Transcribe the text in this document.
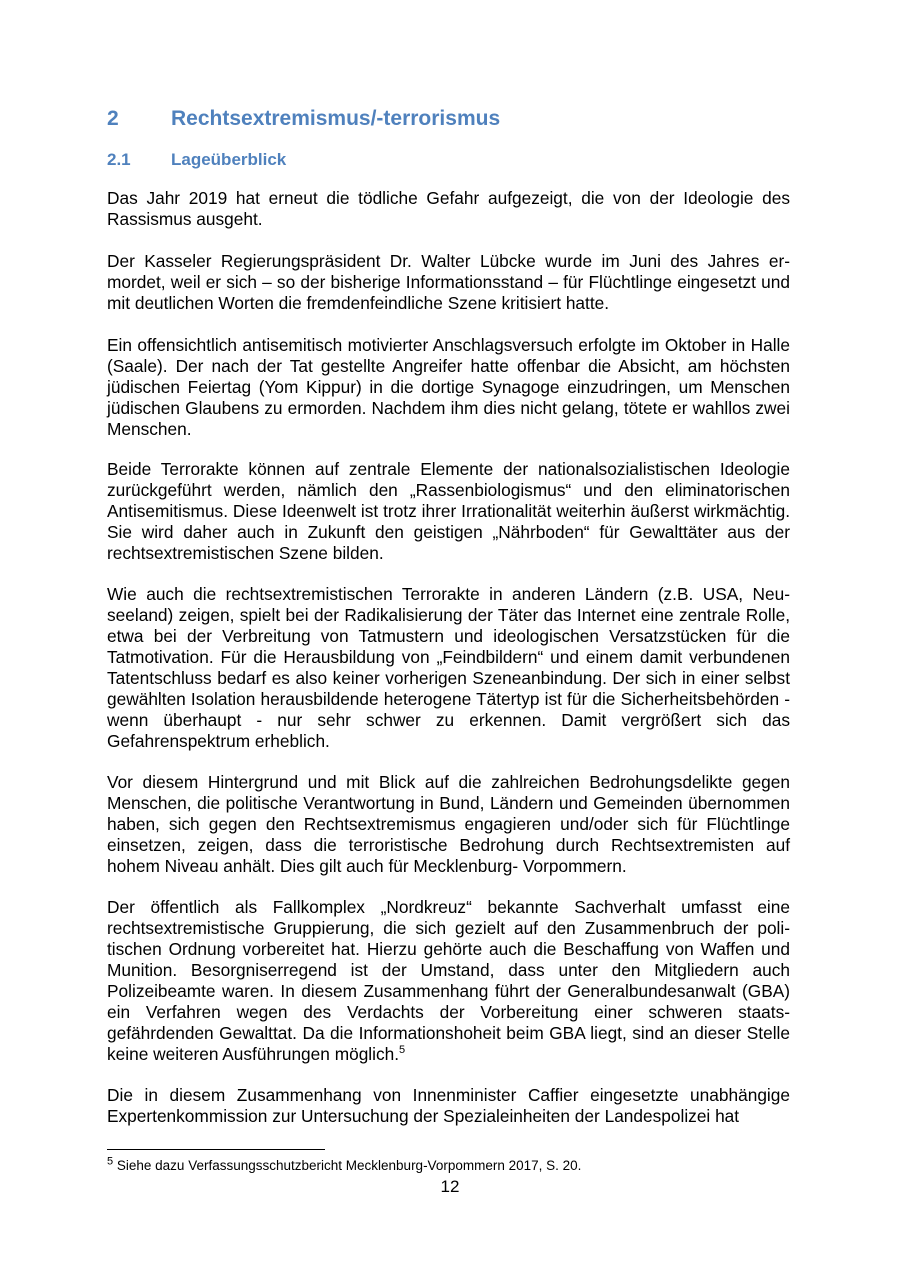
2 Rechtsextremismus/-terrorismus
2.1 Lageüberblick

Das Jahr 2019 hat erneut die tödliche Gefahr aufgezeigt, die von der Ideologie des Rassismus ausgeht.

Der Kasseler Regierungspräsident Dr. Walter Lübcke wurde im Juni des Jahres ermordet, weil er sich – so der bisherige Informationsstand – für Flüchtlinge eingesetzt und mit deutlichen Worten die fremdenfeindliche Szene kritisiert hatte.

Ein offensichtlich antisemitisch motivierter Anschlagsversuch erfolgte im Oktober in Halle (Saale). Der nach der Tat gestellte Angreifer hatte offenbar die Absicht, am höchsten jüdischen Feiertag (Yom Kippur) in die dortige Synagoge einzudringen, um Menschen jüdischen Glaubens zu ermorden. Nachdem ihm dies nicht gelang, tötete er wahllos zwei Menschen.

Beide Terrorakte können auf zentrale Elemente der nationalsozialistischen Ideologie zurückgeführt werden, nämlich den „Rassenbiologismus“ und den eliminatorischen Antisemitismus. Diese Ideenwelt ist trotz ihrer Irrationalität weiterhin äußerst wirkmächtig. Sie wird daher auch in Zukunft den geistigen „Nährboden“ für Gewalttäter aus der rechtsextremistischen Szene bilden.

Wie auch die rechtsextremistischen Terrorakte in anderen Ländern (z.B. USA, Neuseeland) zeigen, spielt bei der Radikalisierung der Täter das Internet eine zentrale Rolle, etwa bei der Verbreitung von Tatmustern und ideologischen Versatzstücken für die Tatmotivation. Für die Herausbildung von „Feindbildern“ und einem damit verbundenen Tatentschluss bedarf es also keiner vorherigen Szeneanbindung. Der sich in einer selbst gewählten Isolation herausbildende heterogene Tätertyp ist für die Sicherheitsbehörden - wenn überhaupt - nur sehr schwer zu erkennen. Damit vergrößert sich das Gefahrenspektrum erheblich.

Vor diesem Hintergrund und mit Blick auf die zahlreichen Bedrohungsdelikte gegen Menschen, die politische Verantwortung in Bund, Ländern und Gemeinden übernommen haben, sich gegen den Rechtsextremismus engagieren und/oder sich für Flüchtlinge einsetzen, zeigen, dass die terroristische Bedrohung durch Rechtsextremisten auf hohem Niveau anhält. Dies gilt auch für Mecklenburg- Vorpommern.

Der öffentlich als Fallkomplex „Nordkreuz“ bekannte Sachverhalt umfasst eine rechtsextremistische Gruppierung, die sich gezielt auf den Zusammenbruch der politischen Ordnung vorbereitet hat. Hierzu gehörte auch die Beschaffung von Waffen und Munition. Besorgniserregend ist der Umstand, dass unter den Mitgliedern auch Polizeibeamte waren. In diesem Zusammenhang führt der Generalbundesanwalt (GBA) ein Verfahren wegen des Verdachts der Vorbereitung einer schweren staatsgefährdenden Gewalttat. Da die Informationshoheit beim GBA liegt, sind an dieser Stelle keine weiteren Ausführungen möglich.$^5$

Die in diesem Zusammenhang von Innenminister Caffier eingesetzte unabhängige Expertenkommission zur Untersuchung der Spezialeinheiten der Landespolizei hat

$^5$ Siehe dazu Verfassungsschutzbericht Mecklenburg-Vorpommern 2017, S. 20.
12
